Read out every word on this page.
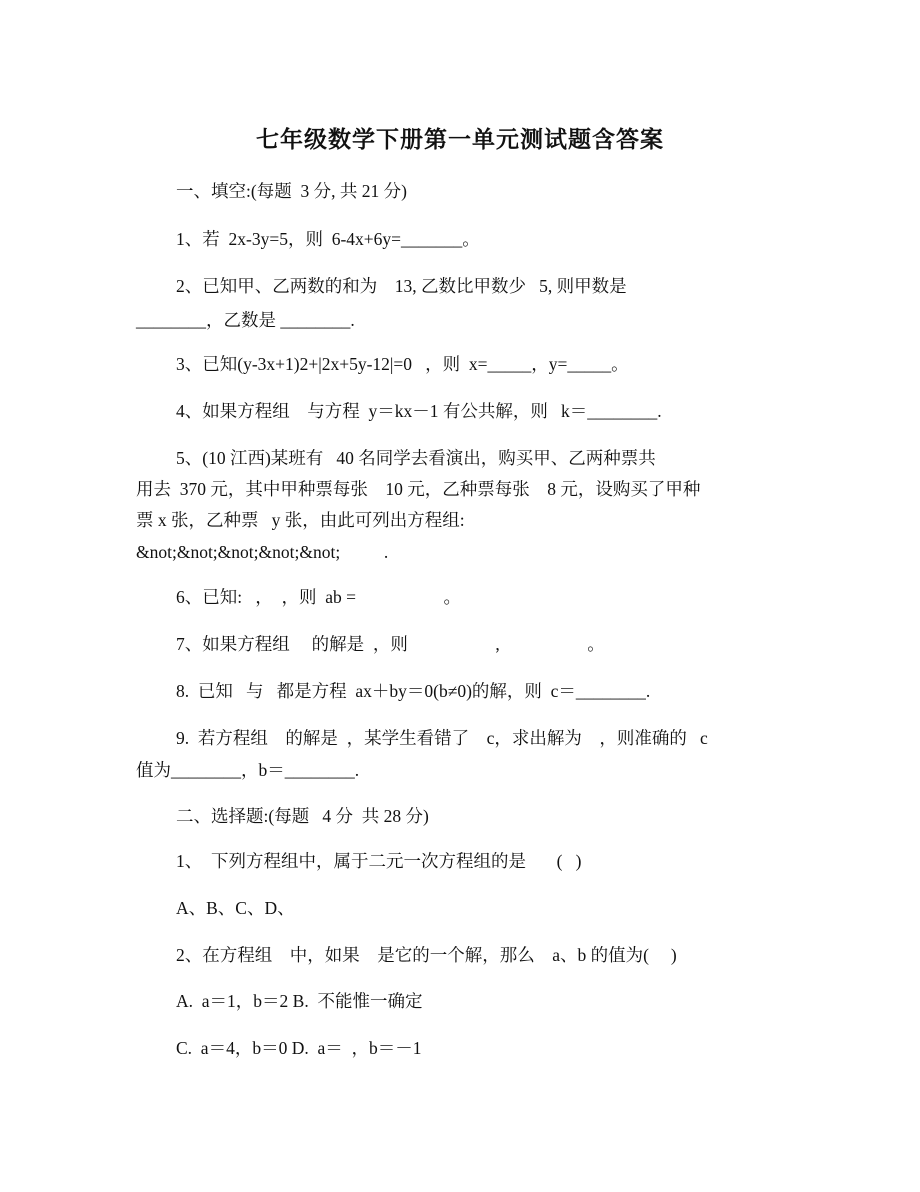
七年级数学下册第一单元测试题含答案
一、填空:(每题  3 分, 共 21 分)
1、若  2x-3y=5，则  6-4x+6y=_______。
2、已知甲、乙两数的和为    13, 乙数比甲数少   5, 则甲数是
________，乙数是 ________.
3、已知(y-3x+1)2+|2x+5y-12|=0   ，则  x=_____，y=_____。
4、如果方程组    与方程  y＝kx－1 有公共解，则   k＝________.
5、(10 江西)某班有   40 名同学去看演出，购买甲、乙两种票共
用去  370 元，其中甲种票每张    10 元，乙种票每张    8 元，设购买了甲种
票 x 张，乙种票   y 张，由此可列出方程组:
&not;&not;&not;&not;&not;          .
6、已知:   ，  ，则  ab =                    。
7、如果方程组     的解是  ，则                    ,                    。
8.  已知   与   都是方程  ax＋by＝0(b≠0)的解，则  c＝________.
9.  若方程组    的解是  ，某学生看错了    c，求出解为    ，则准确的   c
值为________，b＝________.
二、选择题:(每题   4 分  共 28 分)
1、  下列方程组中，属于二元一次方程组的是       (   )
A、B、C、D、
2、在方程组    中，如果    是它的一个解，那么    a、b 的值为(     )
A.  a＝1，b＝2 B.  不能惟一确定
C.  a＝4，b＝0 D.  a＝  ，b＝－1
